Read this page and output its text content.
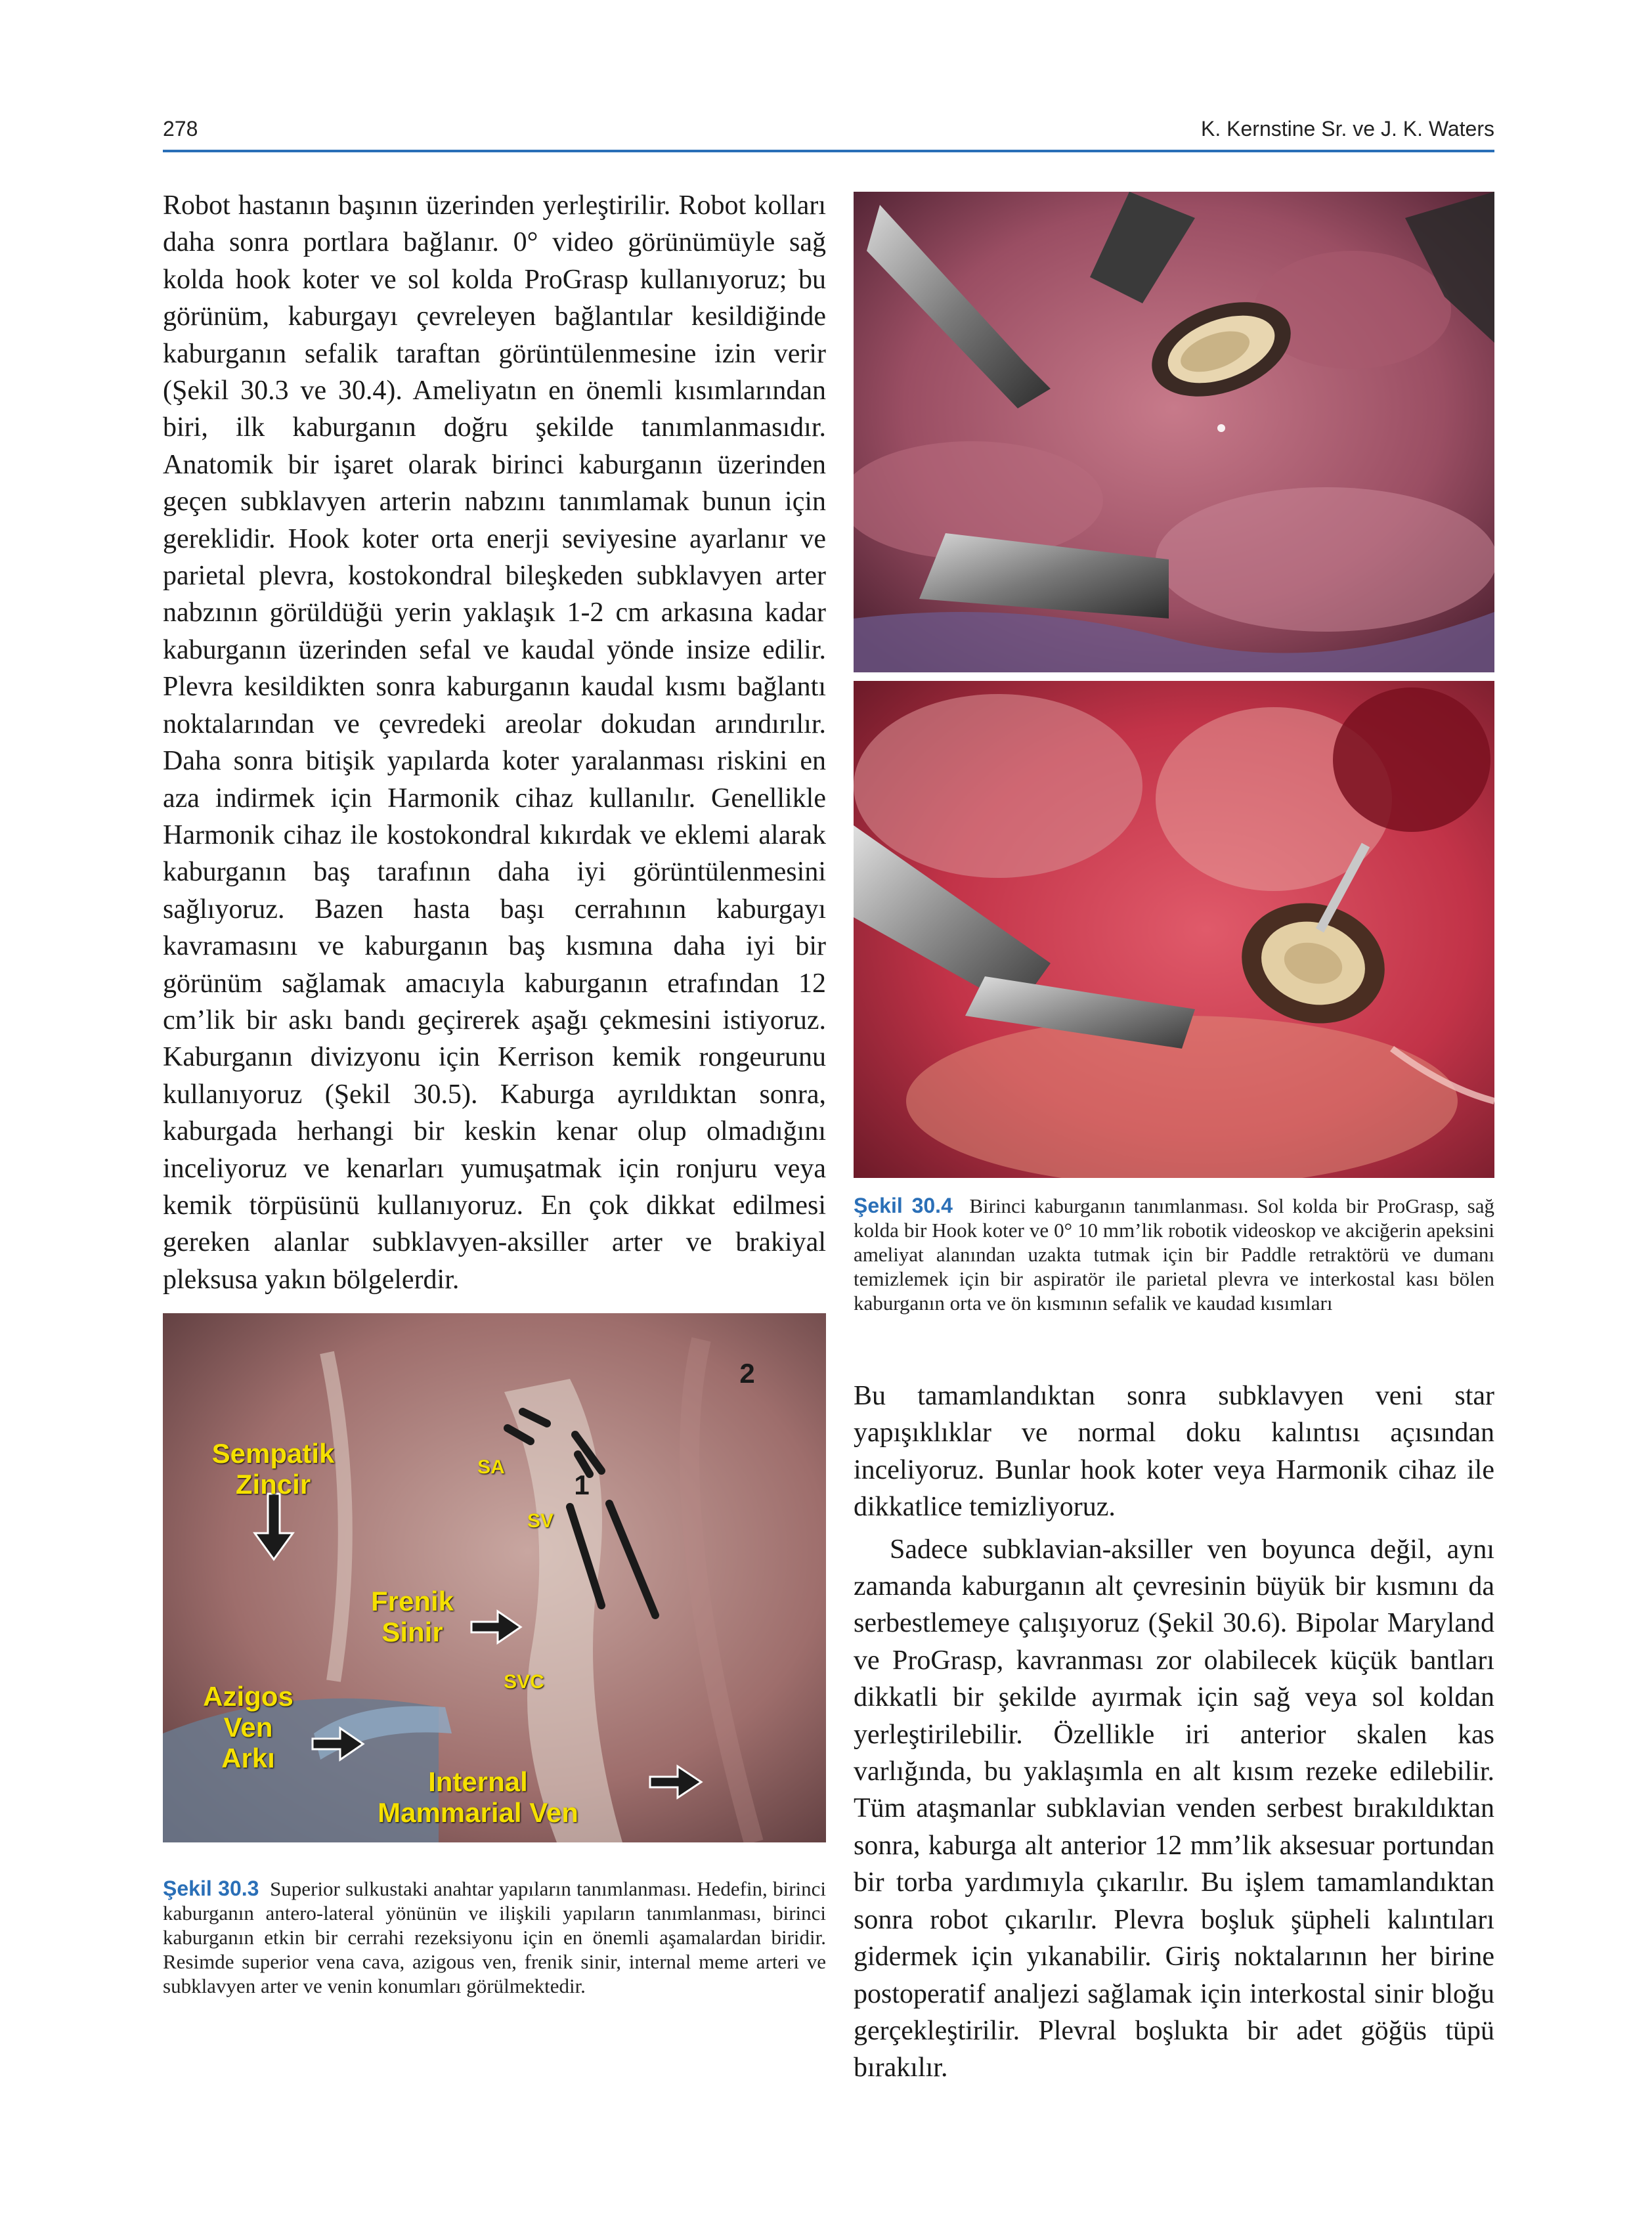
278	K. Kernstine Sr. ve J. K. Waters
Robot hastanın başının üzerinden yerleştirilir. Robot kolları daha sonra portlara bağlanır. 0° video görünümüyle sağ kolda hook koter ve sol kolda ProGrasp kullanıyoruz; bu görünüm, kaburgayı çevreleyen bağlantılar kesildiğinde kaburganın sefalik taraftan görüntülenmesine izin verir (Şekil 30.3 ve 30.4). Ameliyatın en önemli kısımlarından biri, ilk kaburganın doğru şekilde tanımlanmasıdır. Anatomik bir işaret olarak birinci kaburganın üzerinden geçen subklavyen arterin nabzını tanımlamak bunun için gereklidir. Hook koter orta enerji seviyesine ayarlanır ve parietal plevra, kostokondral bileşkeden subklavyen arter nabzının görüldüğü yerin yaklaşık 1-2 cm arkasına kadar kaburganın üzerinden sefal ve kaudal yönde insize edilir. Plevra kesildikten sonra kaburganın kaudal kısmı bağlantı noktalarından ve çevredeki areolar dokudan arındırılır. Daha sonra bitişik yapılarda koter yaralanması riskini en aza indirmek için Harmonik cihaz kullanılır. Genellikle Harmonik cihaz ile kostokondral kıkırdak ve eklemi alarak kaburganın baş tarafının daha iyi görüntülenmesini sağlıyoruz. Bazen hasta başı cerrahının kaburgayı kavramasını ve kaburganın baş kısmına daha iyi bir görünüm sağlamak amacıyla kaburganın etrafından 12 cm’lik bir askı bandı geçirerek aşağı çekmesini istiyoruz. Kaburganın divizyonu için Kerrison kemik rongeurunu kullanıyoruz (Şekil 30.5). Kaburga ayrıldıktan sonra, kaburgada herhangi bir keskin kenar olup olmadığını inceliyoruz ve kenarları yumuşatmak için ronjuru veya kemik törpüsünü kullanıyoruz. En çok dikkat edilmesi gereken alanlar subklavyen-aksiller arter ve brakiyal pleksusa yakın bölgelerdir.
Şekil 30.4 Birinci kaburganın tanımlanması. Sol kolda bir ProGrasp, sağ kolda bir Hook koter ve 0° 10 mm’lik robotik videoskop ve akciğerin apeksini ameliyat alanından uzakta tutmak için bir Paddle retraktörü ve dumanı temizlemek için bir aspiratör ile parietal plevra ve interkostal kası bölen kaburganın orta ve ön kısmının sefalik ve kaudad kısımları
Sempatik
Zincir
Frenik
Sinir
Azigos
Ven
Arkı
Internal
Mammarial Ven
SA
SV
SVC
1
2
Şekil 30.3 Superior sulkustaki anahtar yapıların tanımlanması. Hedefin, birinci kaburganın antero-lateral yönünün ve ilişkili yapıların tanımlanması, birinci kaburganın etkin bir cerrahi rezeksiyonu için en önemli aşamalardan biridir. Resimde superior vena cava, azigous ven, frenik sinir, internal meme arteri ve subklavyen arter ve venin konumları görülmektedir.

Bu tamamlandıktan sonra subklavyen veni star yapışıklıklar ve normal doku kalıntısı açısından inceliyoruz. Bunlar hook koter veya Harmonik cihaz ile dikkatlice temizliyoruz.

Sadece subklavian-aksiller ven boyunca değil, aynı zamanda kaburganın alt çevresinin büyük bir kısmını da serbestlemeye çalışıyoruz (Şekil 30.6). Bipolar Maryland ve ProGrasp, kavranması zor olabilecek küçük bantları dikkatli bir şekilde ayırmak için sağ veya sol koldan yerleştirilebilir. Özellikle iri anterior skalen kas varlığında, bu yaklaşımla en alt kısım rezeke edilebilir. Tüm ataşmanlar subklavian venden serbest bırakıldıktan sonra, kaburga alt anterior 12 mm’lik aksesuar portundan bir torba yardımıyla çıkarılır. Bu işlem tamamlandıktan sonra robot çıkarılır. Plevra boşluk şüpheli kalıntıları gidermek için yıkanabilir. Giriş noktalarının her birine postoperatif analjezi sağlamak için interkostal sinir bloğu gerçekleştirilir. Plevral boşlukta bir adet göğüs tüpü bırakılır.
